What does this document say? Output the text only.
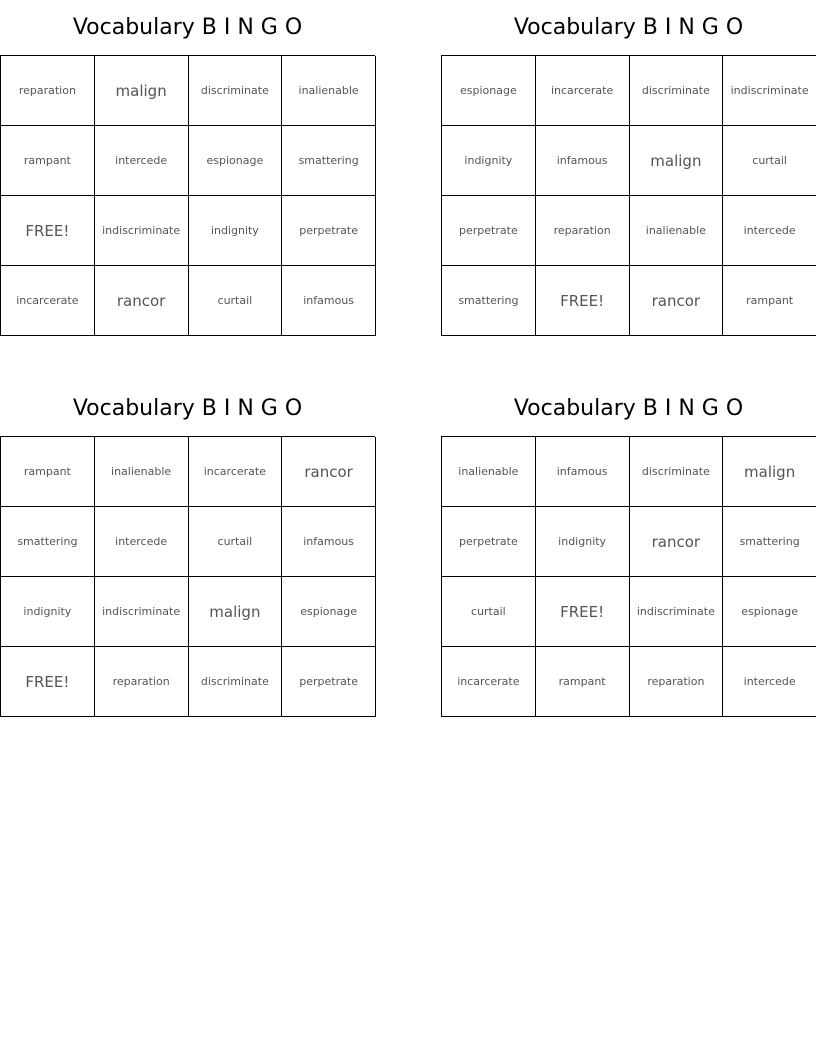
Vocabulary B I N G O
reparation	malign	discriminate	inalienable
rampant	intercede	espionage	smattering
FREE!	indiscriminate	indignity	perpetrate
incarcerate	rancor	curtail	infamous
Vocabulary B I N G O
espionage	incarcerate	discriminate	indiscriminate
indignity	infamous	malign	curtail
perpetrate	reparation	inalienable	intercede
smattering	FREE!	rancor	rampant
Vocabulary B I N G O
rampant	inalienable	incarcerate	rancor
smattering	intercede	curtail	infamous
indignity	indiscriminate	malign	espionage
FREE!	reparation	discriminate	perpetrate
Vocabulary B I N G O
inalienable	infamous	discriminate	malign
perpetrate	indignity	rancor	smattering
curtail	FREE!	indiscriminate	espionage
incarcerate	rampant	reparation	intercede
